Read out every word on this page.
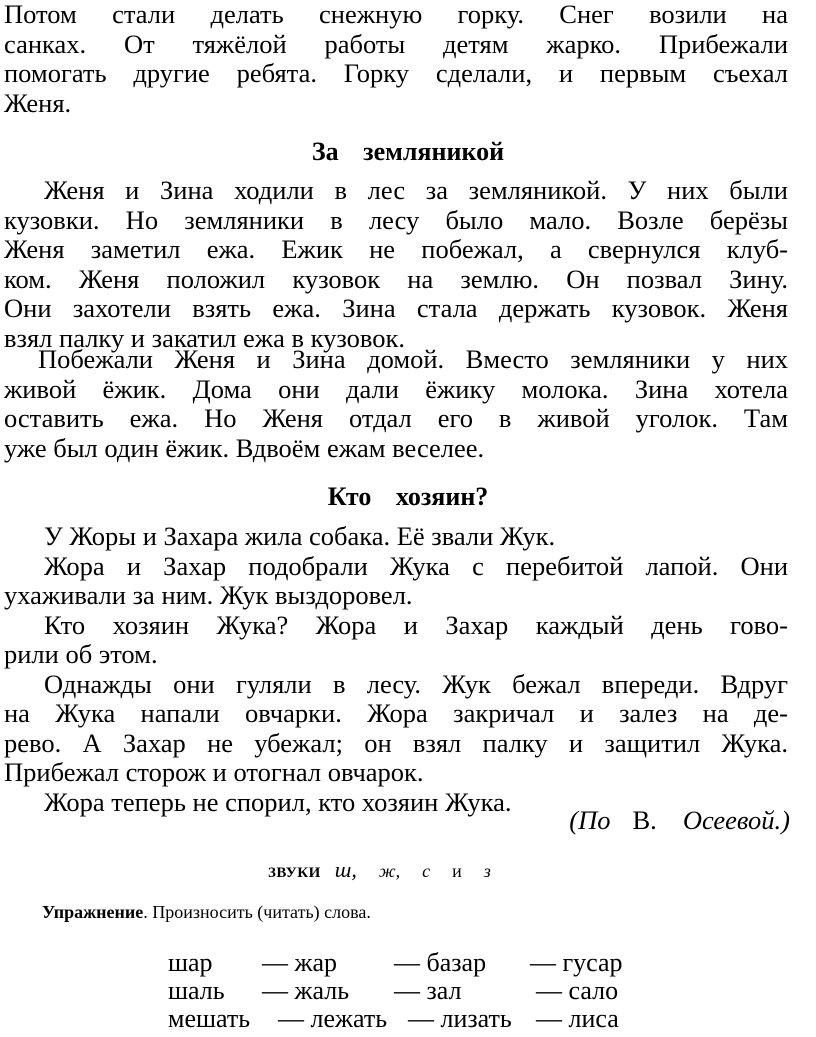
Потом стали делать снежную горку. Снег возили на
санках. От тяжёлой работы детям жарко. Прибежали
помогать другие ребята. Горку сделали, и первым съехал
Женя.
За земляникой
Женя и Зина ходили в лес за земляникой. У них были
кузовки. Но земляники в лесу было мало. Возле берёзы
Женя заметил ежа. Ежик не побежал, а свернулся клуб-
ком. Женя положил кузовок на землю. Он позвал Зину.
Они захотели взять ежа. Зина стала держать кузовок. Женя
взял палку и закатил ежа в кузовок.
Побежали Женя и Зина домой. Вместо земляники у них
живой ёжик. Дома они дали ёжику молока. Зина хотела
оставить ежа. Но Женя отдал его в живой уголок. Там
уже был один ёжик. Вдвоём ежам веселее.
Кто хозяин?
У Жоры и Захара жила собака. Её звали Жук.
Жора и Захар подобрали Жука с перебитой лапой. Они
ухаживали за ним. Жук выздоровел.
Кто хозяин Жука? Жора и Захар каждый день гово-
рили об этом.
Однажды они гуляли в лесу. Жук бежал впереди. Вдруг
на Жука напали овчарки. Жора закричал и залез на де-
рево. А Захар не убежал; он взял палку и защитил Жука.
Прибежал сторож и отогнал овчарок.
Жора теперь не спорил, кто хозяин Жука.
(По В. Осеевой.)
ЗВУКИ ш, ж, с и з
Упражнение. Произносить (читать) слова.
шар — жар — базар — гусар
шаль — жаль — зал	— сало
мешать — лежать — лизать — лиса
